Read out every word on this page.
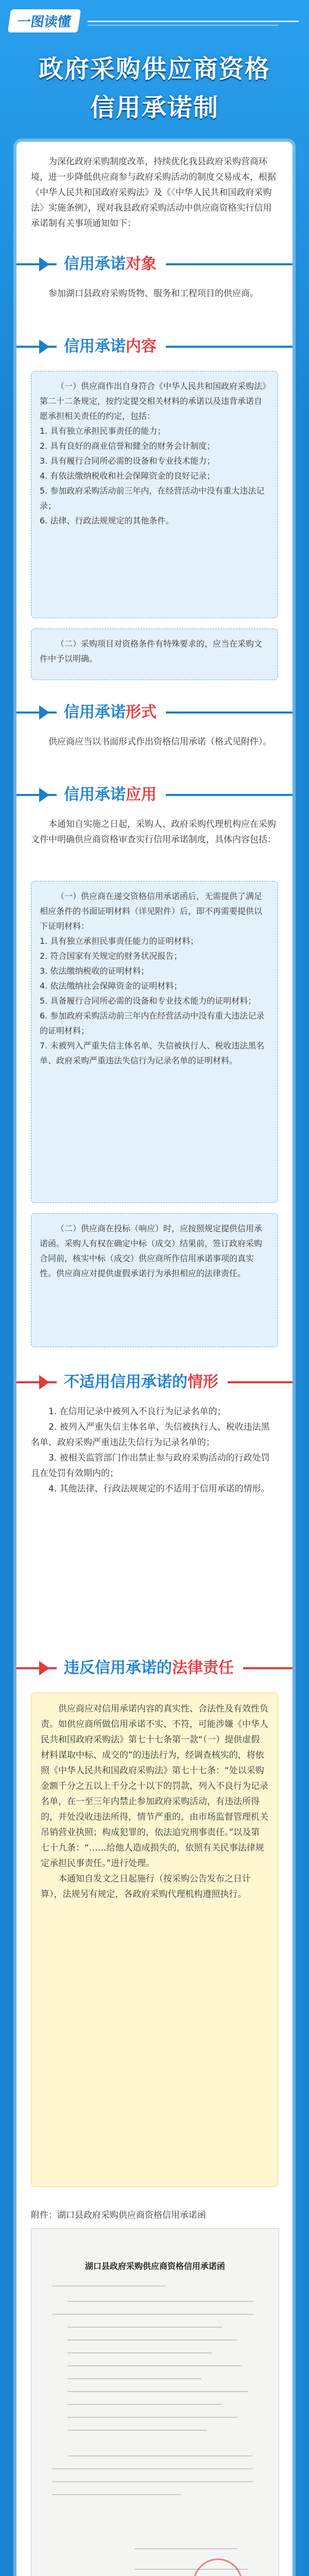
一图读懂
政府采购供应商资格
信用承诺制

为深化政府采购制度改革，持续优化我县政府采购营商环境，进一步降低供应商参与政府采购活动的制度交易成本，根据《中华人民共和国政府采购法》及《〈中华人民共和国政府采购法〉实施条例》，现对我县政府采购活动中供应商资格实行信用承诺制有关事项通知如下：

信用承诺对象

参加湖口县政府采购货物、服务和工程项目的供应商。

信用承诺内容

（一）供应商作出自身符合《中华人民共和国政府采购法》第二十二条规定，按约定提交相关材料的承诺以及违背承诺自愿承担相关责任的约定，包括：

1. 具有独立承担民事责任的能力；

2. 具有良好的商业信誉和健全的财务会计制度；

3. 具有履行合同所必需的设备和专业技术能力；

4. 有依法缴纳税收和社会保障资金的良好记录；

5. 参加政府采购活动前三年内，在经营活动中没有重大违法记录；

6. 法律、行政法规规定的其他条件。

（二）采购项目对资格条件有特殊要求的，应当在采购文件中予以明确。

信用承诺形式

供应商应当以书面形式作出资格信用承诺（格式见附件）。

信用承诺应用

本通知自实施之日起，采购人、政府采购代理机构应在采购文件中明确供应商资格审查实行信用承诺制度，具体内容包括：

（一）供应商在递交资格信用承诺函后，无需提供了满足相应条件的书面证明材料（详见附件）后，即不再需要提供以下证明材料：

1. 具有独立承担民事责任能力的证明材料；

2. 符合国家有关规定的财务状况报告；

3. 依法缴纳税收的证明材料；

4. 依法缴纳社会保障资金的证明材料；

5. 具备履行合同所必需的设备和专业技术能力的证明材料；

6. 参加政府采购活动前三年内在经营活动中没有重大违法记录的证明材料；

7. 未被列入严重失信主体名单、失信被执行人、税收违法黑名单、政府采购严重违法失信行为记录名单的证明材料。

（二）供应商在投标（响应）时，应按照规定提供信用承诺函。采购人有权在确定中标（成交）结果前，签订政府采购合同前，核实中标（成交）供应商所作信用承诺事项的真实性。供应商应对提供虚假承诺行为承担相应的法律责任。

不适用信用承诺的情形

1. 在信用记录中被列入不良行为记录名单的；

2. 被列入严重失信主体名单、失信被执行人、税收违法黑名单、政府采购严重违法失信行为记录名单的；

3. 被相关监管部门作出禁止参与政府采购活动的行政处罚且在处罚有效期内的；

4. 其他法律、行政法规规定的不适用于信用承诺的情形。

违反信用承诺的法律责任

供应商应对信用承诺内容的真实性、合法性及有效性负责。如供应商所做信用承诺不实、不符，可能涉嫌《中华人民共和国政府采购法》第七十七条第一款“（一）提供虚假材料谋取中标、成交的”的违法行为，经调查核实的，将依照《中华人民共和国政府采购法》第七十七条：“处以采购金额千分之五以上千分之十以下的罚款，列入不良行为记录名单，在一至三年内禁止参加政府采购活动，有违法所得的，并处没收违法所得，情节严重的，由市场监督管理机关吊销营业执照；构成犯罪的，依法追究刑事责任。”以及第七十九条：“……给他人造成损失的，依照有关民事法律规定承担民事责任。”进行处理。

本通知自发文之日起施行（按采购公告发布之日计算），法规另有规定，各政府采购代理机构遵照执行。

附件：湖口县政府采购供应商资格信用承诺函

湖口县政府采购供应商资格信用承诺函
